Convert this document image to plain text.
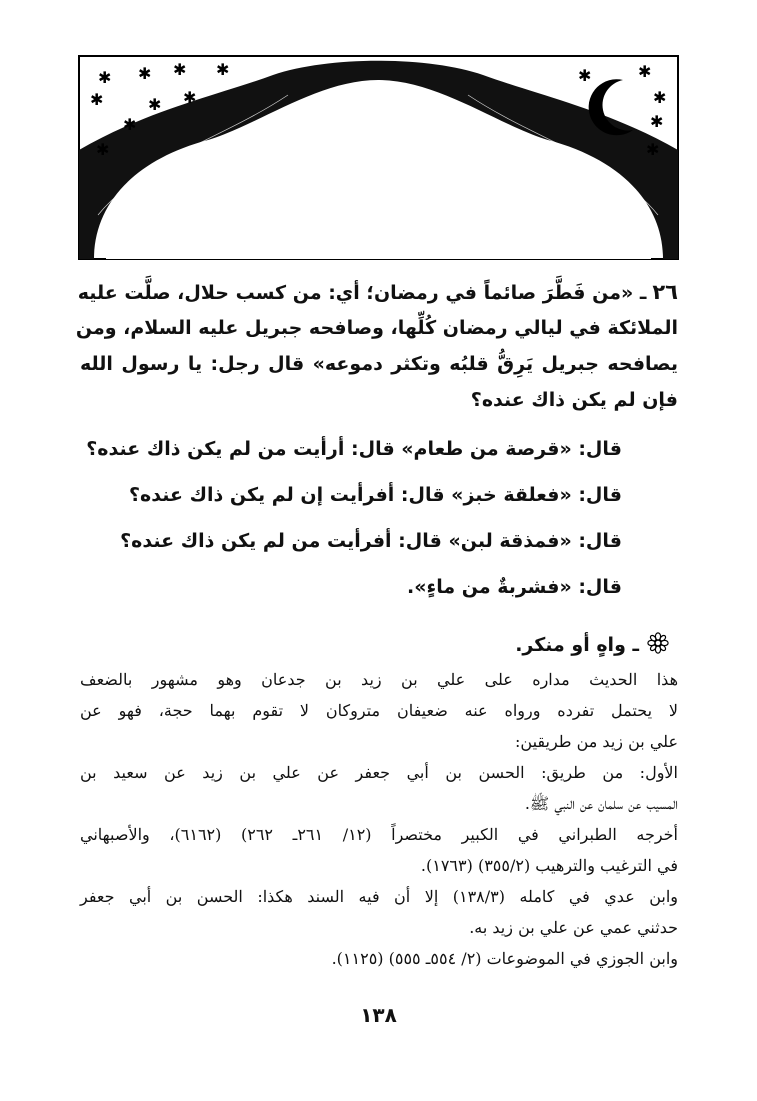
✱ ✱ ✱
✱	✱ ✱
✱
✱
✱	✱
✱
✱
✱
✱
✱
٢٦ـ «من فَطَّرَ صائماً في رمضان؛ أي: من كسب حلال، صلَّت عليه
الملائكة في ليالي رمضان كُلِّها، وصافحه جبريل عليه السلام، ومن
يصافحه جبريل يَرِقُّ قلبُه وتكثر دموعه» قال رجل: يا رسول الله
فإن لم يكن ذاك عنده؟
قال: «قرصة من طعام» قال: أرأيت من لم يكن ذاك عنده؟
قال: «فعلقة خبز» قال: أفرأيت إن لم يكن ذاك عنده؟
قال: «فمذقة لبن» قال: أفرأيت من لم يكن ذاك عنده؟
قال: «فشربةٌ من ماءٍ».
ـ واهٍ أو منكر.
هذا الحديث مداره على علي بن زيد بن جدعان وهو مشهور بالضعف
لا يحتمل تفرده ورواه عنه ضعيفان متروكان لا تقوم بهما حجة، فهو عن
علي بن زيد من طريقين:
الأول: من طريق: الحسن بن أبي جعفر عن علي بن زيد عن سعيد بن
المسيب عن سلمان عن النبي ﷺ.
أخرجه الطبراني في الكبير مختصراً (١٢/ ٢٦١ـ ٢٦٢) (٦١٦٢)، والأصبهاني
في الترغيب والترهيب (٣٥٥/٢) (١٧٦٣).
وابن عدي في كامله (١٣٨/٣) إلا أن فيه السند هكذا: الحسن بن أبي جعفر
حدثني عمي عن علي بن زيد به.
وابن الجوزي في الموضوعات (٢/ ٥٥٤ـ ٥٥٥) (١١٢٥).
١٣٨
